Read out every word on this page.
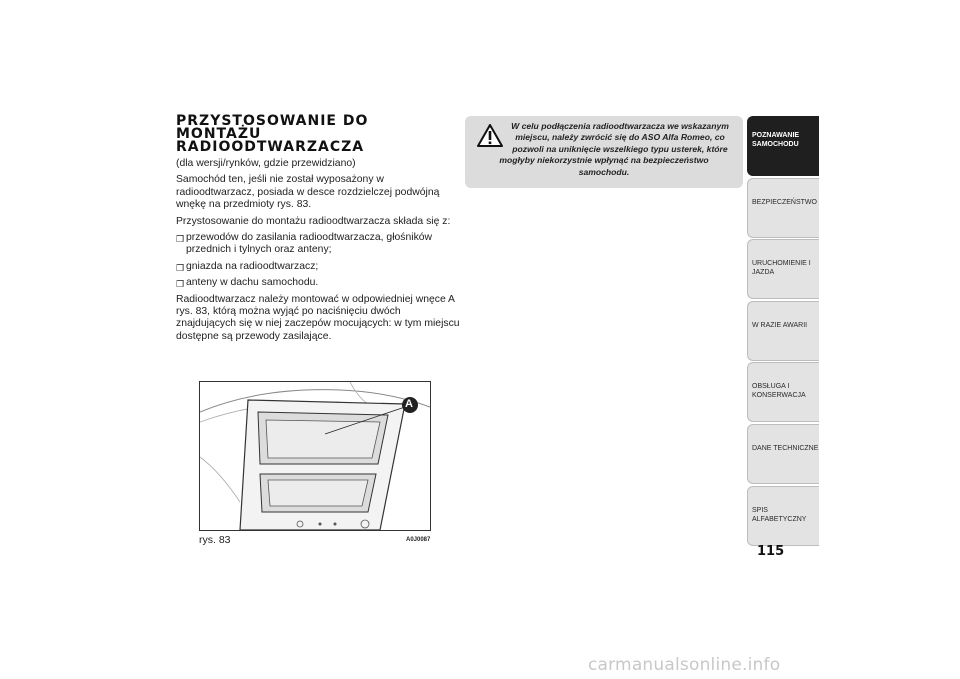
PRZYSTOSOWANIE DO
MONTAŻU
RADIOODTWARZACZA

(dla wersji/rynków, gdzie przewidziano)

Samochód ten, jeśli nie został wyposażony w radioodtwarzacz, posiada w desce rozdzielczej podwójną wnękę na przedmioty rys. 83.

Przystosowanie do montażu radioodtwarzacza składa się z:

❒ przewodów do zasilania radioodtwarzacza, głośników przednich i tylnych oraz anteny;
❒ gniazda na radioodtwarzacz;
❒ anteny w dachu samochodu.

Radioodtwarzacz należy montować w odpowiedniej wnęce A rys. 83, którą można wyjąć po naciśnięciu dwóch znajdujących się w niej zaczepów mocujących: w tym miejscu dostępne są przewody zasilające.

A
rys. 83	A0J0087
W celu podłączenia radioodtwarzacza we wskazanym
miejscu, należy zwrócić się do ASO Alfa Romeo, co
pozwoli na uniknięcie wszelkiego typu usterek, które
mogłyby niekorzystnie wpłynąć na bezpieczeństwo samochodu.
POZNAWANIE
SAMOCHODU
BEZPIECZEŃSTWO
URUCHOMIENIE I
JAZDA
W RAZIE AWARII
OBSŁUGA I
KONSERWACJA
DANE TECHNICZNE
SPIS ALFABETYCZNY
115
carmanualsonline.info
